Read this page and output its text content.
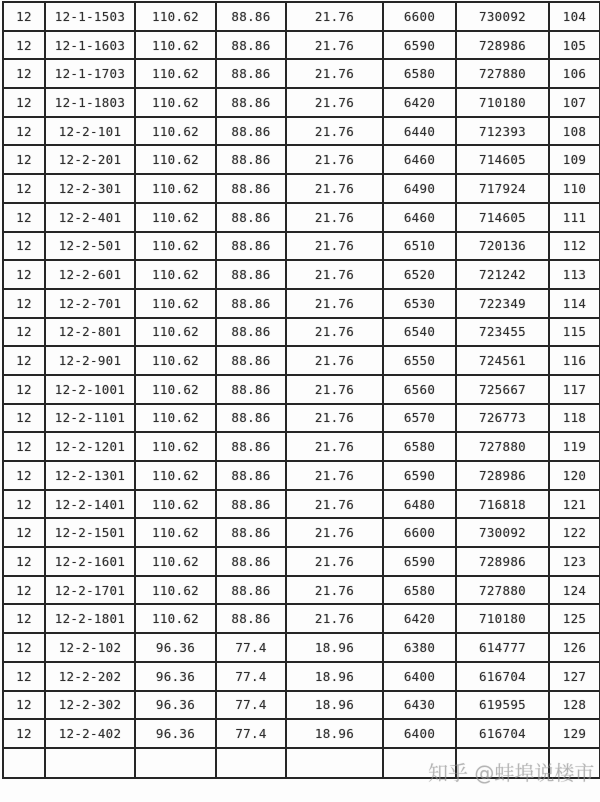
12	12-1-1503	110.62	88.86	21.76	6600	730092	104
12	12-1-1603	110.62	88.86	21.76	6590	728986	105
12	12-1-1703	110.62	88.86	21.76	6580	727880	106
12	12-1-1803	110.62	88.86	21.76	6420	710180	107
12	12-2-101	110.62	88.86	21.76	6440	712393	108
12	12-2-201	110.62	88.86	21.76	6460	714605	109
12	12-2-301	110.62	88.86	21.76	6490	717924	110
12	12-2-401	110.62	88.86	21.76	6460	714605	111
12	12-2-501	110.62	88.86	21.76	6510	720136	112
12	12-2-601	110.62	88.86	21.76	6520	721242	113
12	12-2-701	110.62	88.86	21.76	6530	722349	114
12	12-2-801	110.62	88.86	21.76	6540	723455	115
12	12-2-901	110.62	88.86	21.76	6550	724561	116
12	12-2-1001	110.62	88.86	21.76	6560	725667	117
12	12-2-1101	110.62	88.86	21.76	6570	726773	118
12	12-2-1201	110.62	88.86	21.76	6580	727880	119
12	12-2-1301	110.62	88.86	21.76	6590	728986	120
12	12-2-1401	110.62	88.86	21.76	6480	716818	121
12	12-2-1501	110.62	88.86	21.76	6600	730092	122
12	12-2-1601	110.62	88.86	21.76	6590	728986	123
12	12-2-1701	110.62	88.86	21.76	6580	727880	124
12	12-2-1801	110.62	88.86	21.76	6420	710180	125
12	12-2-102	96.36	77.4	18.96	6380	614777	126
12	12-2-202	96.36	77.4	18.96	6400	616704	127
12	12-2-302	96.36	77.4	18.96	6430	619595	128
12	12-2-402	96.36	77.4	18.96	6400	616704	129

知乎 @蚌埠说楼市
